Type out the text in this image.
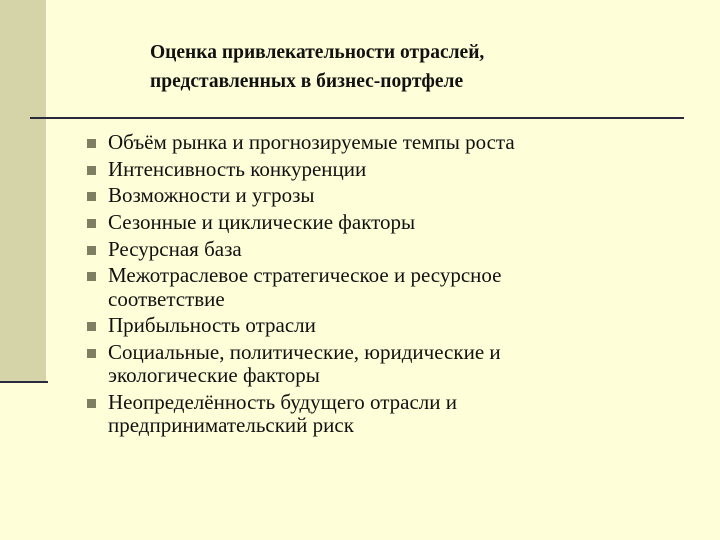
Оценка привлекательности отраслей,
представленных в бизнес-портфеле
Объём рынка и прогнозируемые темпы роста
Интенсивность конкуренции
Возможности и угрозы
Сезонные и циклические факторы
Ресурсная база
Межотраслевое стратегическое и ресурсное
соответствие
Прибыльность отрасли
Социальные, политические, юридические и
экологические факторы
Неопределённость будущего отрасли и
предпринимательский риск
